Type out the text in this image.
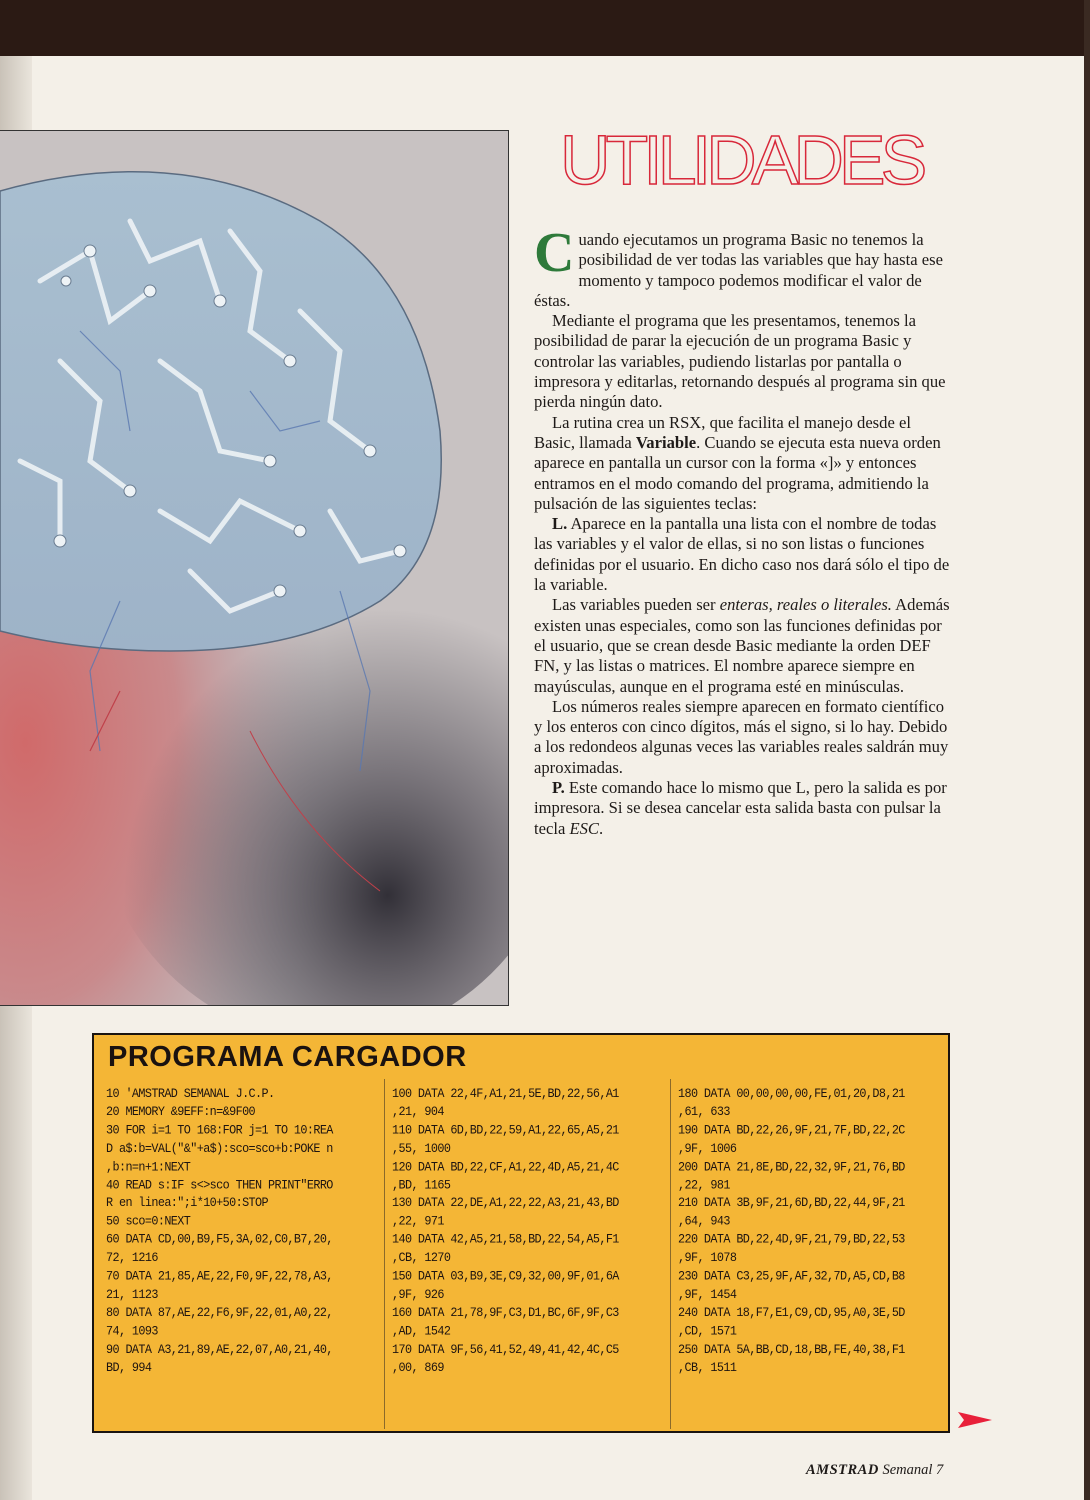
UTILIDADES

Cuando ejecutamos un programa Basic no tenemos la posibilidad de ver todas las variables que hay hasta ese momento y tampoco podemos modificar el valor de éstas.

Mediante el programa que les presentamos, tenemos la posibilidad de parar la ejecución de un programa Basic y controlar las variables, pudiendo listarlas por pantalla o impresora y editarlas, retornando después al programa sin que pierda ningún dato.

La rutina crea un RSX, que facilita el manejo desde el Basic, llamada Variable. Cuando se ejecuta esta nueva orden aparece en pantalla un cursor con la forma «]» y entonces entramos en el modo comando del programa, admitiendo la pulsación de las siguientes teclas:

L. Aparece en la pantalla una lista con el nombre de todas las variables y el valor de ellas, si no son listas o funciones definidas por el usuario. En dicho caso nos dará sólo el tipo de la variable.

Las variables pueden ser enteras, reales o literales. Además existen unas especiales, como son las funciones definidas por el usuario, que se crean desde Basic mediante la orden DEF FN, y las listas o matrices. El nombre aparece siempre en mayúsculas, aunque en el programa esté en minúsculas.

Los números reales siempre aparecen en formato científico y los enteros con cinco dígitos, más el signo, si lo hay. Debido a los redondeos algunas veces las variables reales saldrán muy aproximadas.

P. Este comando hace lo mismo que L, pero la salida es por impresora. Si se desea cancelar esta salida basta con pulsar la tecla ESC.

PROGRAMA CARGADOR
10 'AMSTRAD SEMANAL J.C.P.
20 MEMORY &9EFF:n=&9F00
30 FOR i=1 TO 168:FOR j=1 TO 10:REA
D a$:b=VAL("&"+a$):sco=sco+b:POKE n
,b:n=n+1:NEXT
40 READ s:IF s<>sco THEN PRINT"ERRO
R en linea:";i*10+50:STOP
50 sco=0:NEXT
60 DATA CD,00,B9,F5,3A,02,C0,B7,20,
72, 1216
70 DATA 21,85,AE,22,F0,9F,22,78,A3,
21, 1123
80 DATA 87,AE,22,F6,9F,22,01,A0,22,
74, 1093
90 DATA A3,21,89,AE,22,07,A0,21,40,
BD, 994
100 DATA 22,4F,A1,21,5E,BD,22,56,A1
,21, 904
110 DATA 6D,BD,22,59,A1,22,65,A5,21
,55, 1000
120 DATA BD,22,CF,A1,22,4D,A5,21,4C
,BD, 1165
130 DATA 22,DE,A1,22,22,A3,21,43,BD
,22, 971
140 DATA 42,A5,21,58,BD,22,54,A5,F1
,CB, 1270
150 DATA 03,B9,3E,C9,32,00,9F,01,6A
,9F, 926
160 DATA 21,78,9F,C3,D1,BC,6F,9F,C3
,AD, 1542
170 DATA 9F,56,41,52,49,41,42,4C,C5
,00, 869
180 DATA 00,00,00,00,FE,01,20,D8,21
,61, 633
190 DATA BD,22,26,9F,21,7F,BD,22,2C
,9F, 1006
200 DATA 21,8E,BD,22,32,9F,21,76,BD
,22, 981
210 DATA 3B,9F,21,6D,BD,22,44,9F,21
,64, 943
220 DATA BD,22,4D,9F,21,79,BD,22,53
,9F, 1078
230 DATA C3,25,9F,AF,32,7D,A5,CD,B8
,9F, 1454
240 DATA 18,F7,E1,C9,CD,95,A0,3E,5D
,CD, 1571
250 DATA 5A,BB,CD,18,BB,FE,40,38,F1
,CB, 1511
AMSTRAD Semanal 7
